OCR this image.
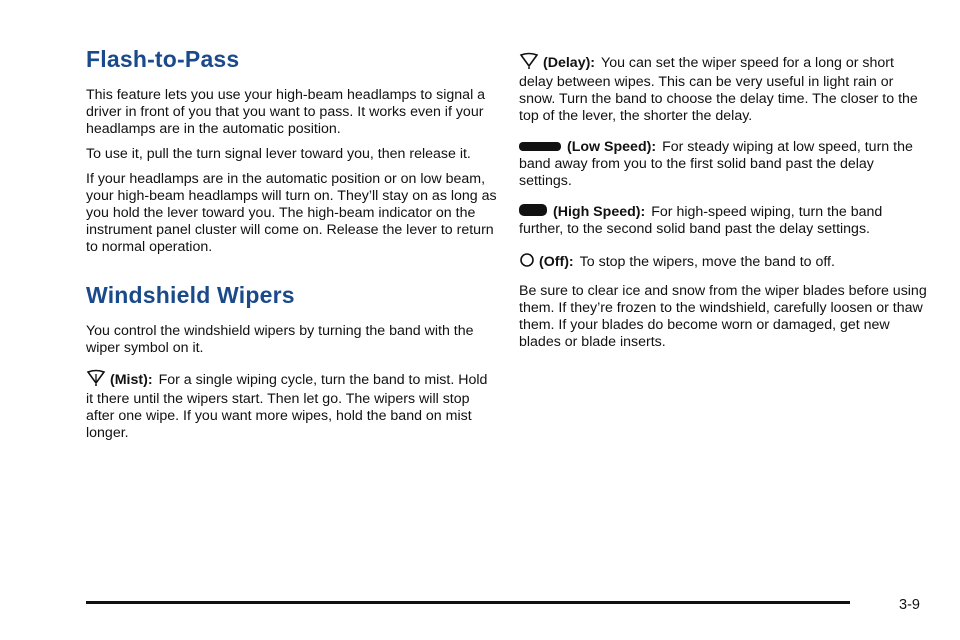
Flash-to-Pass

This feature lets you use your high-beam headlamps to signal a driver in front of you that you want to pass. It works even if your headlamps are in the automatic position.

To use it, pull the turn signal lever toward you, then release it.

If your headlamps are in the automatic position or on low beam, your high-beam headlamps will turn on. They’ll stay on as long as you hold the lever toward you. The high-beam indicator on the instrument panel cluster will come on. Release the lever to return to normal operation.

Windshield Wipers

You control the windshield wipers by turning the band with the wiper symbol on it.

(Mist): For a single wiping cycle, turn the band to mist. Hold it there until the wipers start. Then let go. The wipers will stop after one wipe. If you want more wipes, hold the band on mist longer.

(Delay): You can set the wiper speed for a long or short delay between wipes. This can be very useful in light rain or snow. Turn the band to choose the delay time. The closer to the top of the lever, the shorter the delay.

(Low Speed): For steady wiping at low speed, turn the band away from you to the first solid band past the delay settings.

(High Speed): For high-speed wiping, turn the band further, to the second solid band past the delay settings.

(Off): To stop the wipers, move the band to off.

Be sure to clear ice and snow from the wiper blades before using them. If they’re frozen to the windshield, carefully loosen or thaw them. If your blades do become worn or damaged, get new blades or blade inserts.

3-9
